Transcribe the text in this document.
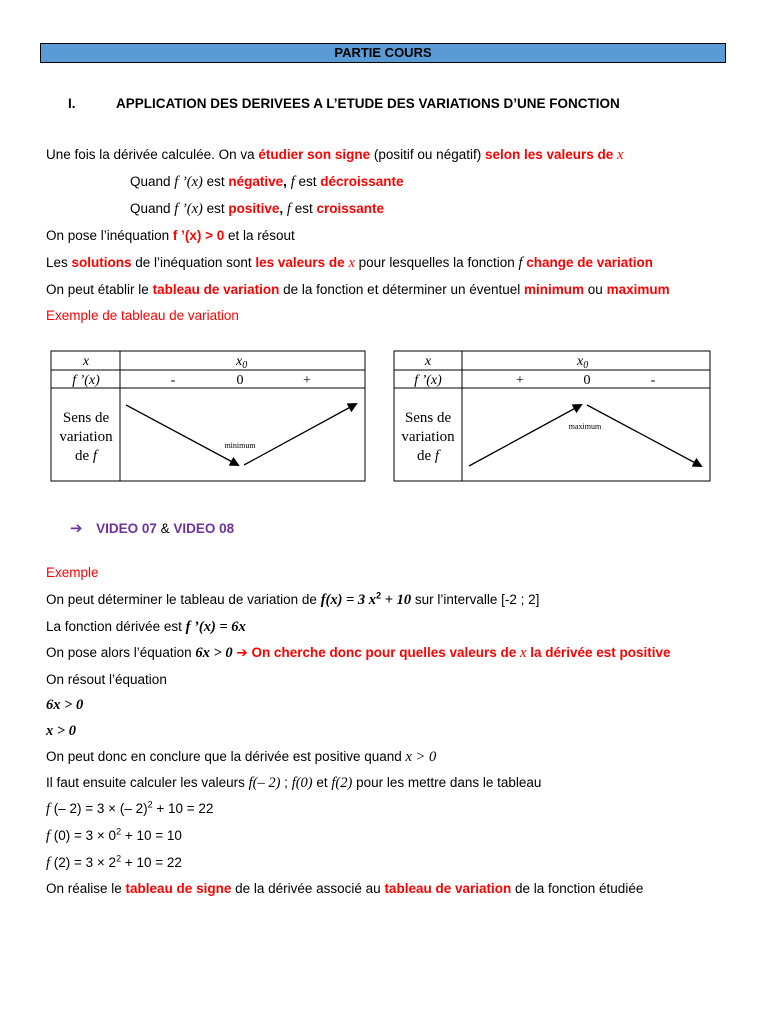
PARTIE COURS
I.	APPLICATION DES DERIVEES A L’ETUDE DES VARIATIONS D’UNE FONCTION
Une fois la dérivée calculée. On va étudier son signe (positif ou négatif) selon les valeurs de x
Quand f ’(x) est négative, f est décroissante
Quand f ’(x) est positive, f est croissante
On pose l’inéquation f ’(x) > 0 et la résout
Les solutions de l’inéquation sont les valeurs de x pour lesquelles la fonction f change de variation
On peut établir le tableau de variation de la fonction et déterminer un éventuel minimum ou maximum
Exemple de tableau de variation
x	$x_0$
f ’(x)	-	0	+
Sens de
variation
de f
minimum
x	$x_0$
f ’(x)	+	0	-
Sens de
variation
de f
maximum
➔ VIDEO 07 & VIDEO 08
Exemple
On peut déterminer le tableau de variation de f(x) = 3 $x^2 + 10$ sur l’intervalle [-2 ; 2]
La fonction dérivée est f ’(x) = 6x
On pose alors l’équation 6x > 0 ➔ On cherche donc pour quelles valeurs de x la dérivée est positive
On résout l’équation
6x > 0
x > 0
On peut donc en conclure que la dérivée est positive quand x > 0
Il faut ensuite calculer les valeurs f(– 2) ; f(0) et f(2) pour les mettre dans le tableau
f (– 2) = 3 × (– 2)$^2$ + 10 = 22
f $(0) = 3 \times 0^2 + 10 = 10$
f $(2) = 3 \times 2^2 + 10 = 22$
On réalise le tableau de signe de la dérivée associé au tableau de variation de la fonction étudiée
